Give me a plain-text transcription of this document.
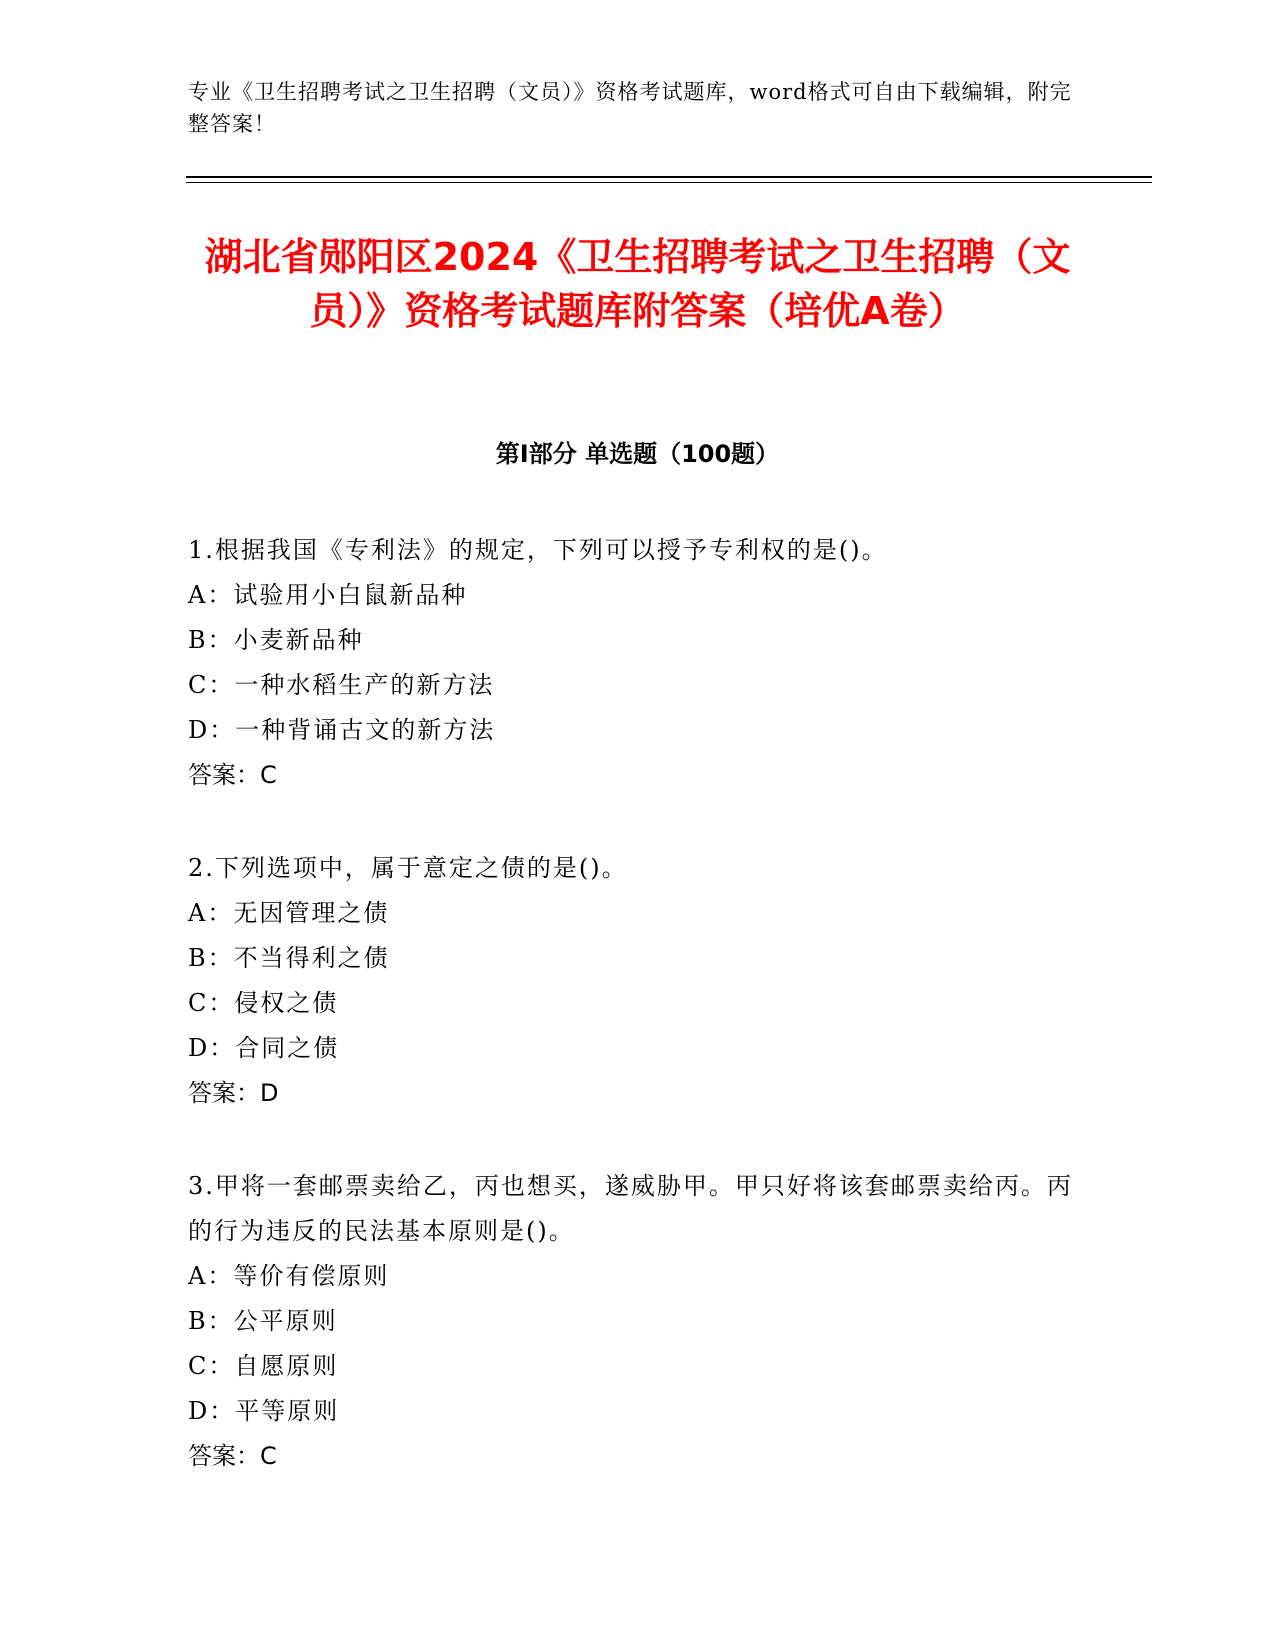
专业《卫生招聘考试之卫生招聘（文员）》资格考试题库，word格式可自由下载编辑，附完整答案！
湖北省郧阳区2024《卫生招聘考试之卫生招聘（文员）》资格考试题库附答案（培优A卷）
第I部分 单选题（100题）

1.根据我国《专利法》的规定，下列可以授予专利权的是()。

A：试验用小白鼠新品种

B：小麦新品种

C：一种水稻生产的新方法

D：一种背诵古文的新方法

答案：C

2.下列选项中，属于意定之债的是()。

A：无因管理之债

B：不当得利之债

C：侵权之债

D：合同之债

答案：D

3.甲将一套邮票卖给乙，丙也想买，遂威胁甲。甲只好将该套邮票卖给丙。丙的行为违反的民法基本原则是()。

A：等价有偿原则

B：公平原则

C：自愿原则

D：平等原则

答案：C
